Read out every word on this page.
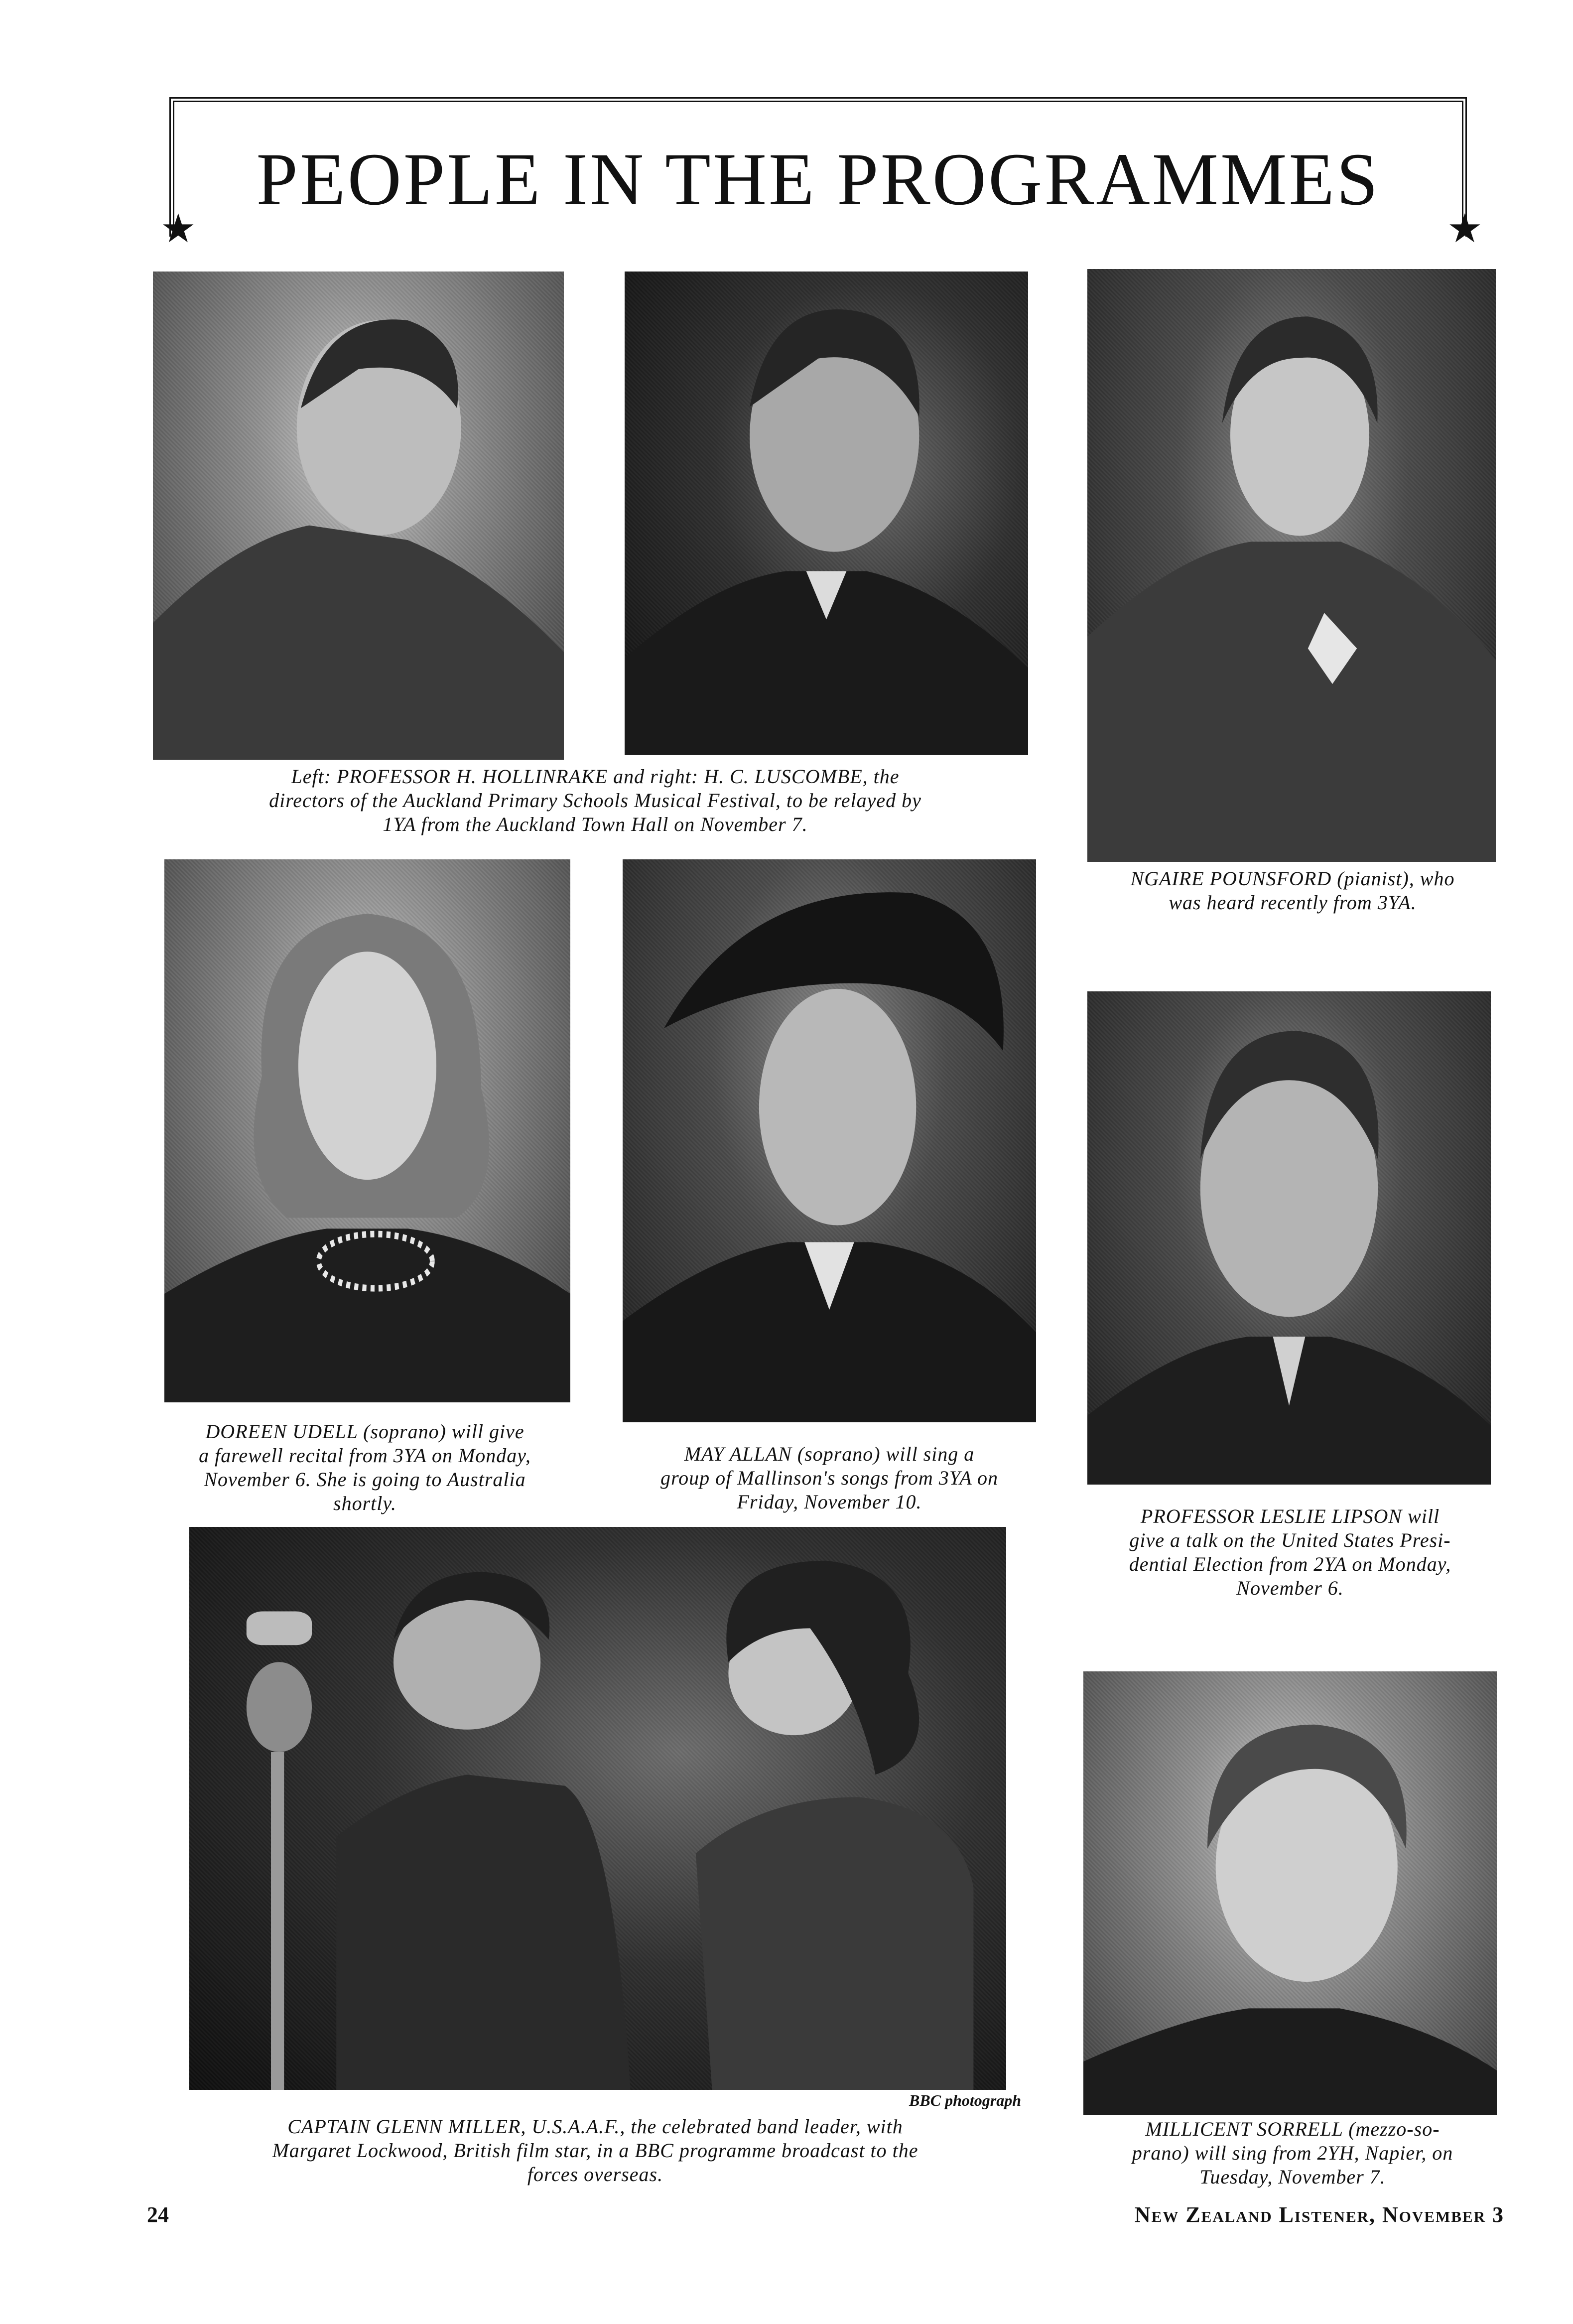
PEOPLE IN THE PROGRAMMES
★	★
Left: PROFESSOR H. HOLLINRAKE and right: H. C. LUSCOMBE, the
directors of the Auckland Primary Schools Musical Festival, to be relayed by
1YA from the Auckland Town Hall on November 7.
NGAIRE POUNSFORD (pianist), who
was heard recently from 3YA.
DOREEN UDELL (soprano) will give
a farewell recital from 3YA on Monday,
November 6. She is going to Australia
shortly.
MAY ALLAN (soprano) will sing a
group of Mallinson's songs from 3YA on
Friday, November 10.
PROFESSOR LESLIE LIPSON will
give a talk on the United States Presi-
dential Election from 2YA on Monday,
November 6.
BBC photograph
CAPTAIN GLENN MILLER, U.S.A.A.F., the celebrated band leader, with
Margaret Lockwood, British film star, in a BBC programme broadcast to the
forces overseas.
MILLICENT SORRELL (mezzo-so-
prano) will sing from 2YH, Napier, on
Tuesday, November 7.
24	New Zealand Listener, November 3
